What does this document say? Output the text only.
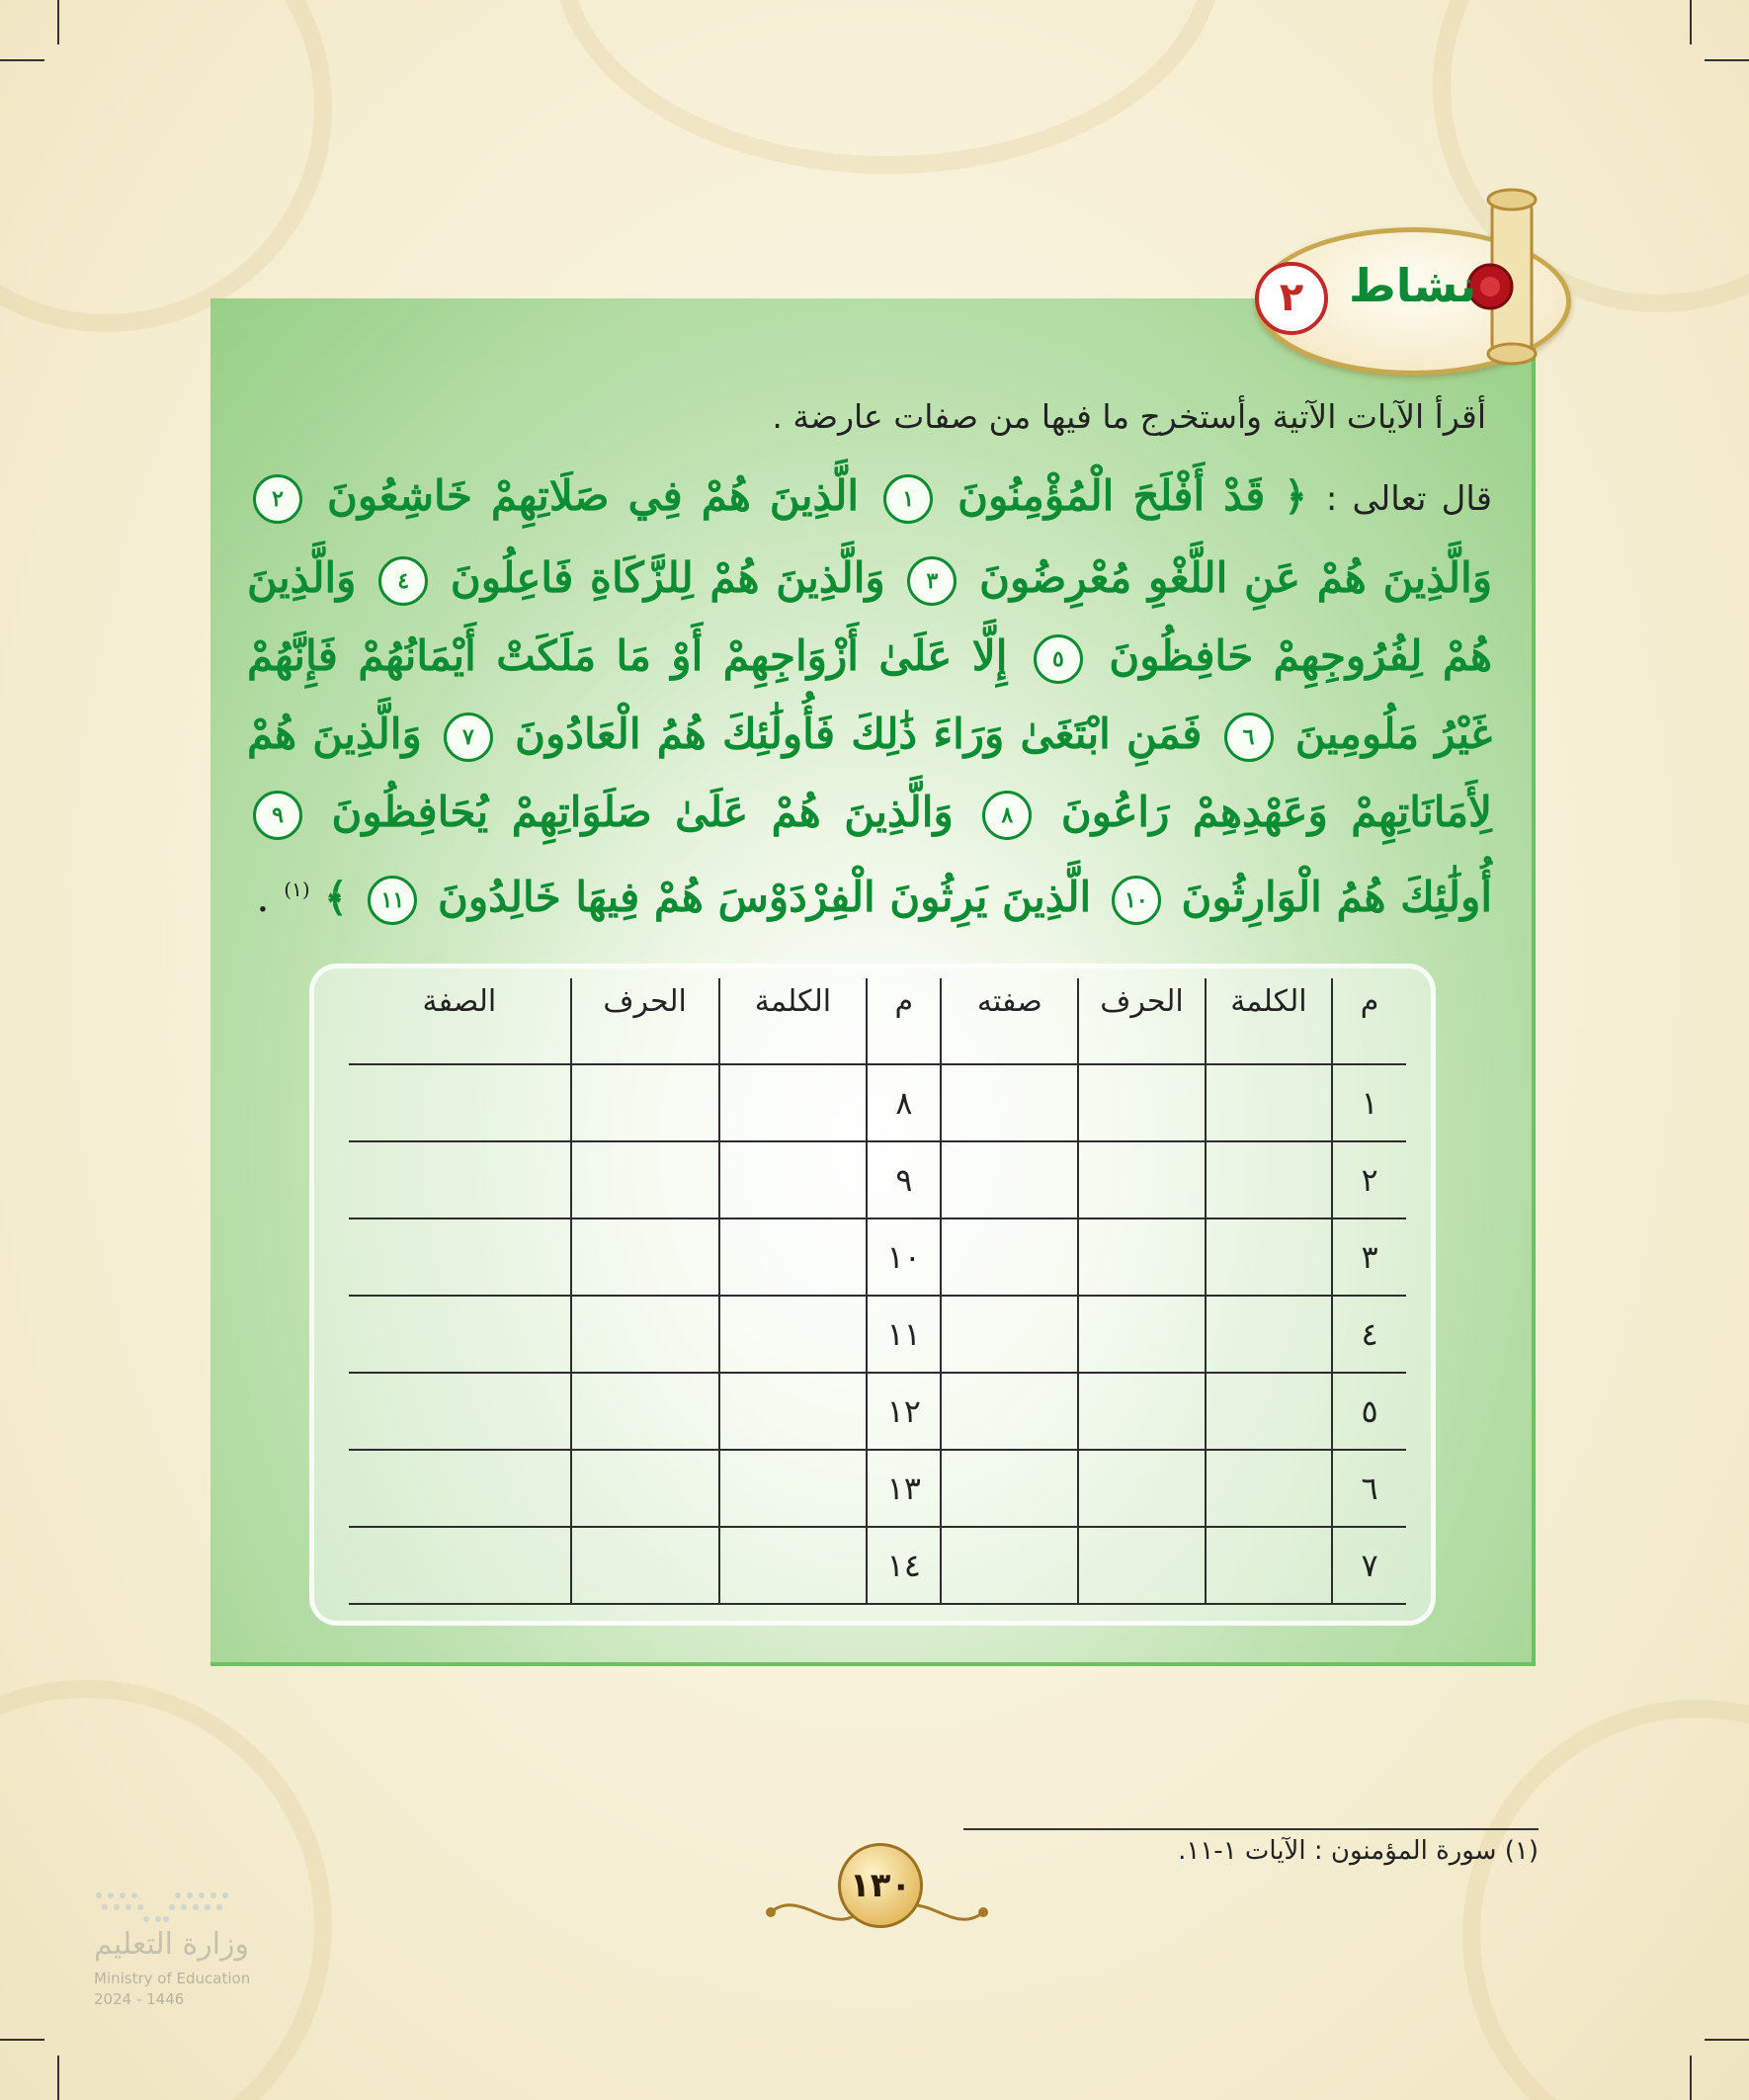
أقرأ الآيات الآتية وأستخرج ما فيها من صفات عارضة .
قال تعالى : ﴿ قَدْ أَفْلَحَ الْمُؤْمِنُونَ ١ الَّذِينَ هُمْ فِي صَلَاتِهِمْ خَاشِعُونَ ٢ وَالَّذِينَ هُمْ عَنِ اللَّغْوِ مُعْرِضُونَ ٣ وَالَّذِينَ هُمْ لِلزَّكَاةِ فَاعِلُونَ ٤ وَالَّذِينَ هُمْ لِفُرُوجِهِمْ حَافِظُونَ ٥ إِلَّا عَلَىٰ أَزْوَاجِهِمْ أَوْ مَا مَلَكَتْ أَيْمَانُهُمْ فَإِنَّهُمْ غَيْرُ مَلُومِينَ ٦ فَمَنِ ابْتَغَىٰ وَرَاءَ ذَٰلِكَ فَأُولَٰئِكَ هُمُ الْعَادُونَ ٧ وَالَّذِينَ هُمْ لِأَمَانَاتِهِمْ وَعَهْدِهِمْ رَاعُونَ ٨ وَالَّذِينَ هُمْ عَلَىٰ صَلَوَاتِهِمْ يُحَافِظُونَ ٩ أُولَٰئِكَ هُمُ الْوَارِثُونَ ١٠ الَّذِينَ يَرِثُونَ الْفِرْدَوْسَ هُمْ فِيهَا خَالِدُونَ ١١ ﴾ $^{(١)}$ .
م	الكلمة	الحرف	صفته	م	الكلمة	الحرف	الصفة
١				٨			
٢				٩			
٣				١٠			
٤				١١			
٥				١٢			
٦				١٣			
٧				١٤			
نشاط
٢
(١) سورة المؤمنون : الآيات ١-١١.
١٣٠
وزارة التعليم
Ministry of Education
2024 - 1446
